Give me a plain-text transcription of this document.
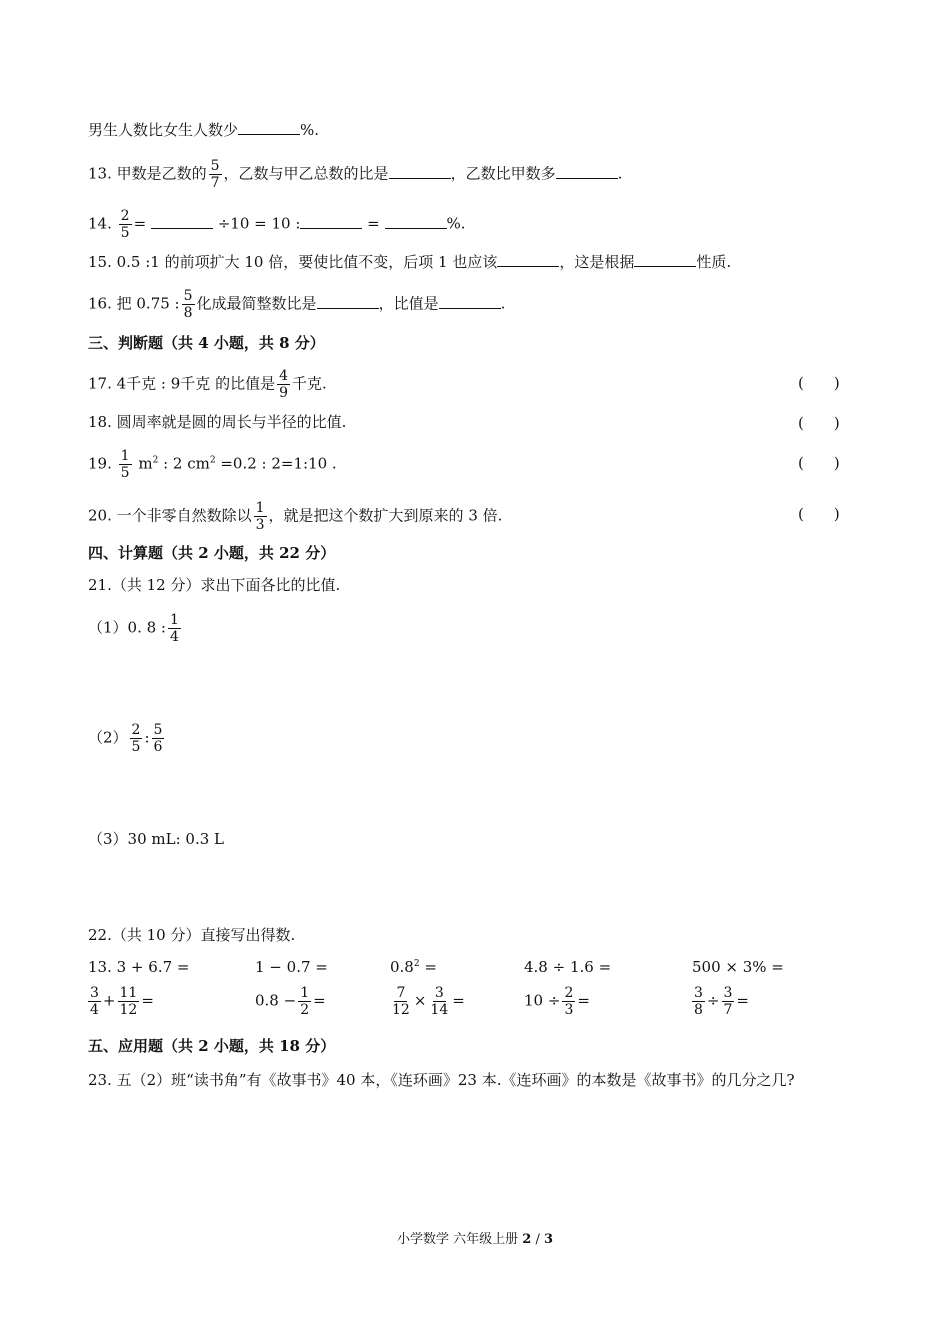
男生人数比女生人数少	%.
13. 甲数是乙数的 $\frac{5}{7}$ ，乙数与甲乙总数的比是	，乙数比甲数多	.
14. $\frac{2}{5}$ =	÷10 = 10 :	=	%.
15. 0.5 :1 的前项扩大 10 倍，要使比值不变，后项 1 也应该	，这是根据	性质.
16. 把 0.75 : $\frac{5}{8}$ 化成最简整数比是	，比值是	.
三、判断题（共 4 小题，共 8 分）
17. 4千克 : 9千克 的比值是 $\frac{4}{9}$ 千克.	(　　)
18. 圆周率就是圆的周长与半径的比值.	(　　)
19. $\frac{1}{5} m^2$ : 2 $cm^2 =0.2$ : 2=1:10 .	(　　)
20. 一个非零自然数除以 $\frac{1}{3}$ ，就是把这个数扩大到原来的 3 倍.	(　　)
四、计算题（共 2 小题，共 22 分）
21.（共 12 分）求出下面各比的比值.
（1）0. 8 : $\frac{1}{4}$
$(2) \frac{2}{5}$ : $\frac{5}{6}$
（3）30 mL: 0.3 L
22.（共 10 分）直接写出得数.
13. 3 + 6.7 =	1 − 0.7 =	$0.8^2$ =	4.8 ÷ 1.6 =	500 × 3% =
$\frac{3}{4} + \frac{11}{12}$ =	$0.8 - \frac{1}{2}$ =	$\frac{7}{12} \times \frac{3}{14}$ =	$10 \div \frac{2}{3}$ =	$\frac{3}{8} \div \frac{3}{7}$ =
五、应用题（共 2 小题，共 18 分）
23. 五（2）班“读书角”有《故事书》40 本，《连环画》23 本.《连环画》的本数是《故事书》的几分之几?
小学数学 六年级上册 2 / 3
